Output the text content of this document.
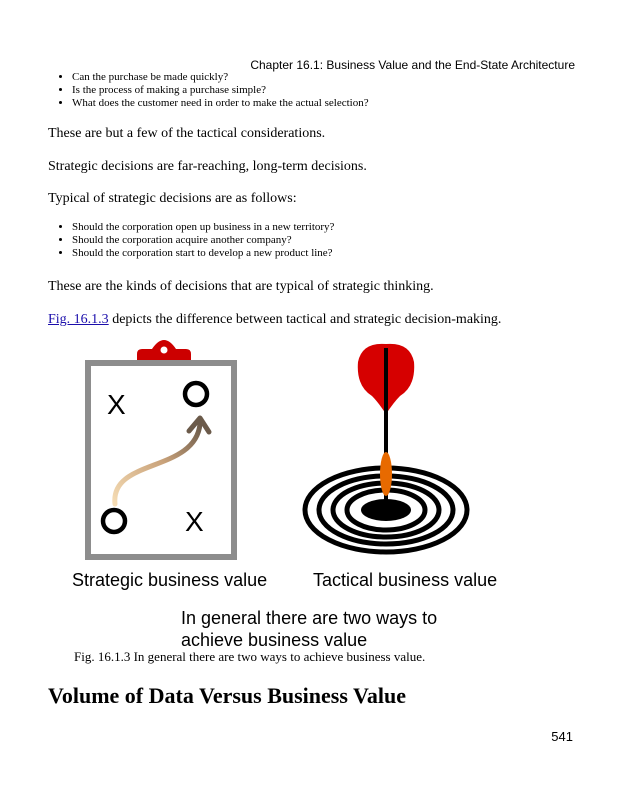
Chapter 16.1: Business Value and the End-State Architecture
• Can the purchase be made quickly?
• Is the process of making a purchase simple?
• What does the customer need in order to make the actual selection?

These are but a few of the tactical considerations.

Strategic decisions are far-reaching, long-term decisions.

Typical of strategic decisions are as follows:

• Should the corporation open up business in a new territory?
• Should the corporation acquire another company?
• Should the corporation start to develop a new product line?

These are the kinds of decisions that are typical of strategic thinking.

Fig. 16.1.3 depicts the difference between tactical and strategic decision-making.

X
X
Strategic business value	Tactical business value
In general there are two ways to achieve business value
Fig. 16.1.3 In general there are two ways to achieve business value.
Volume of Data Versus Business Value
541
